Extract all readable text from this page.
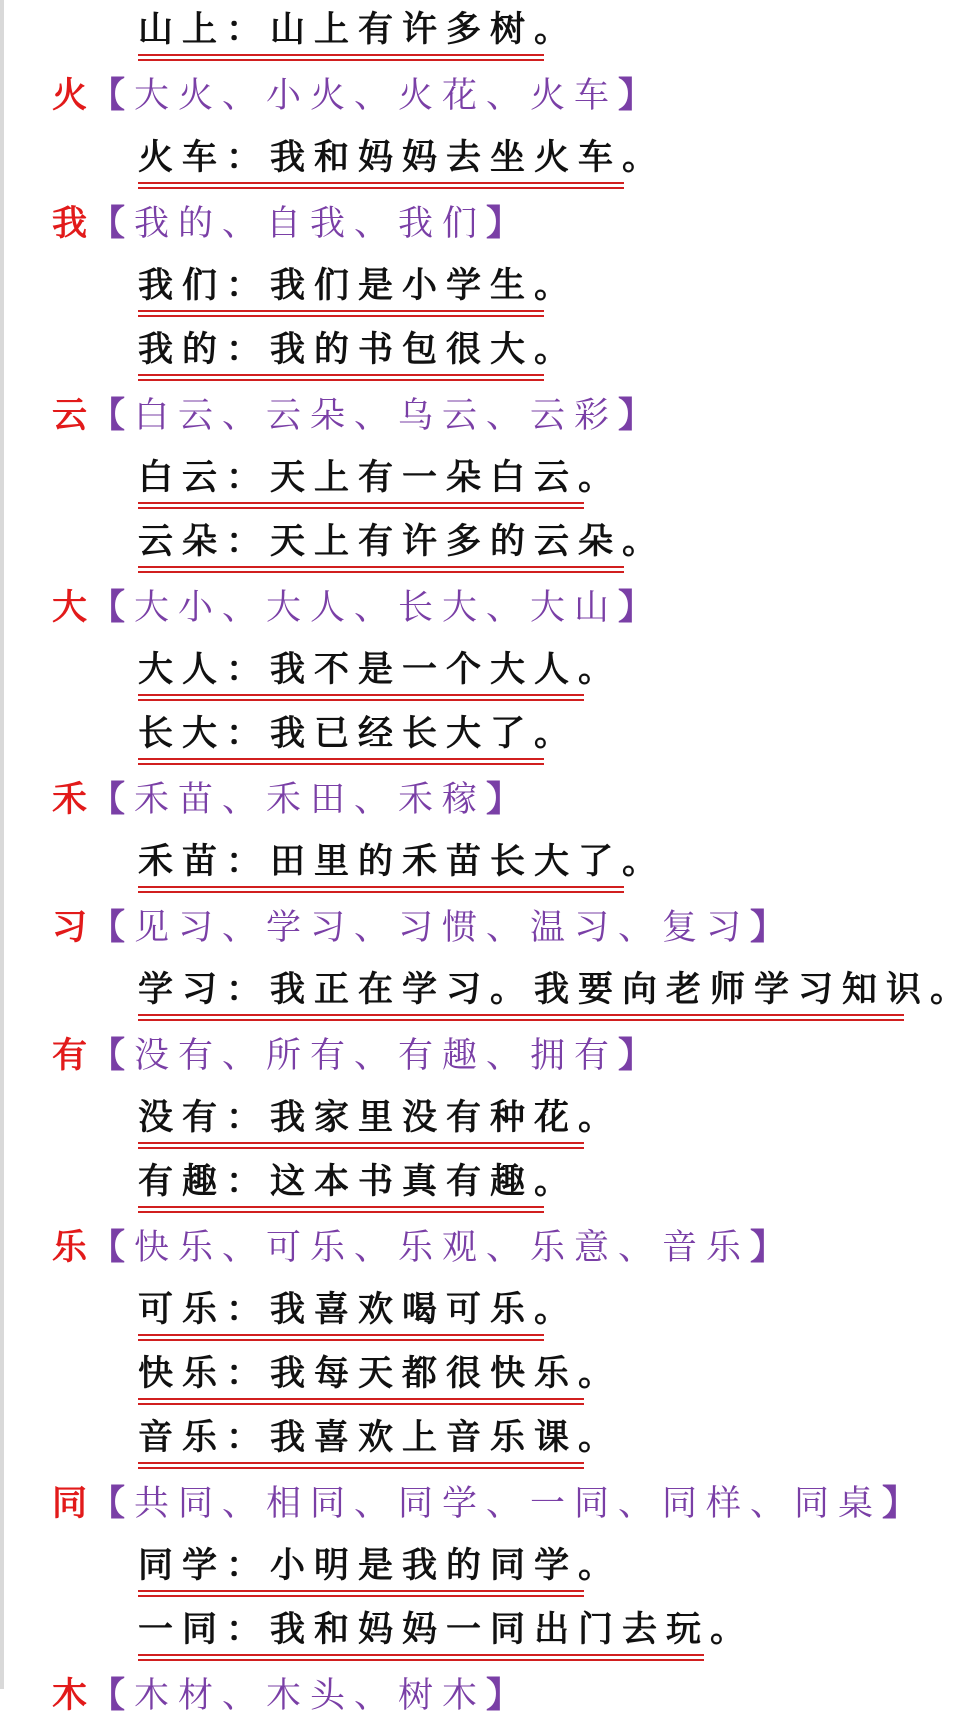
山上：山上有许多树。
火 【大火、小火、火花、火车】
火车：我和妈妈去坐火车。
我 【我的、自我、我们】
我们：我们是小学生。
我的：我的书包很大。
云 【白云、云朵、乌云、云彩】
白云：天上有一朵白云。
云朵：天上有许多的云朵。
大 【大小、大人、长大、大山】
大人：我不是一个大人。
长大：我已经长大了。
禾 【禾苗、禾田、禾稼】
禾苗：田里的禾苗长大了。
习 【见习、学习、习惯、温习、复习】
学习：我正在学习。我要向老师学习知识。
有 【没有、所有、有趣、拥有】
没有：我家里没有种花。
有趣：这本书真有趣。
乐 【快乐、可乐、乐观、乐意、音乐】
可乐：我喜欢喝可乐。
快乐：我每天都很快乐。
音乐：我喜欢上音乐课。
同 【共同、相同、同学、一同、同样、同桌】
同学：小明是我的同学。
一同：我和妈妈一同出门去玩。
木 【木材、木头、树木】
